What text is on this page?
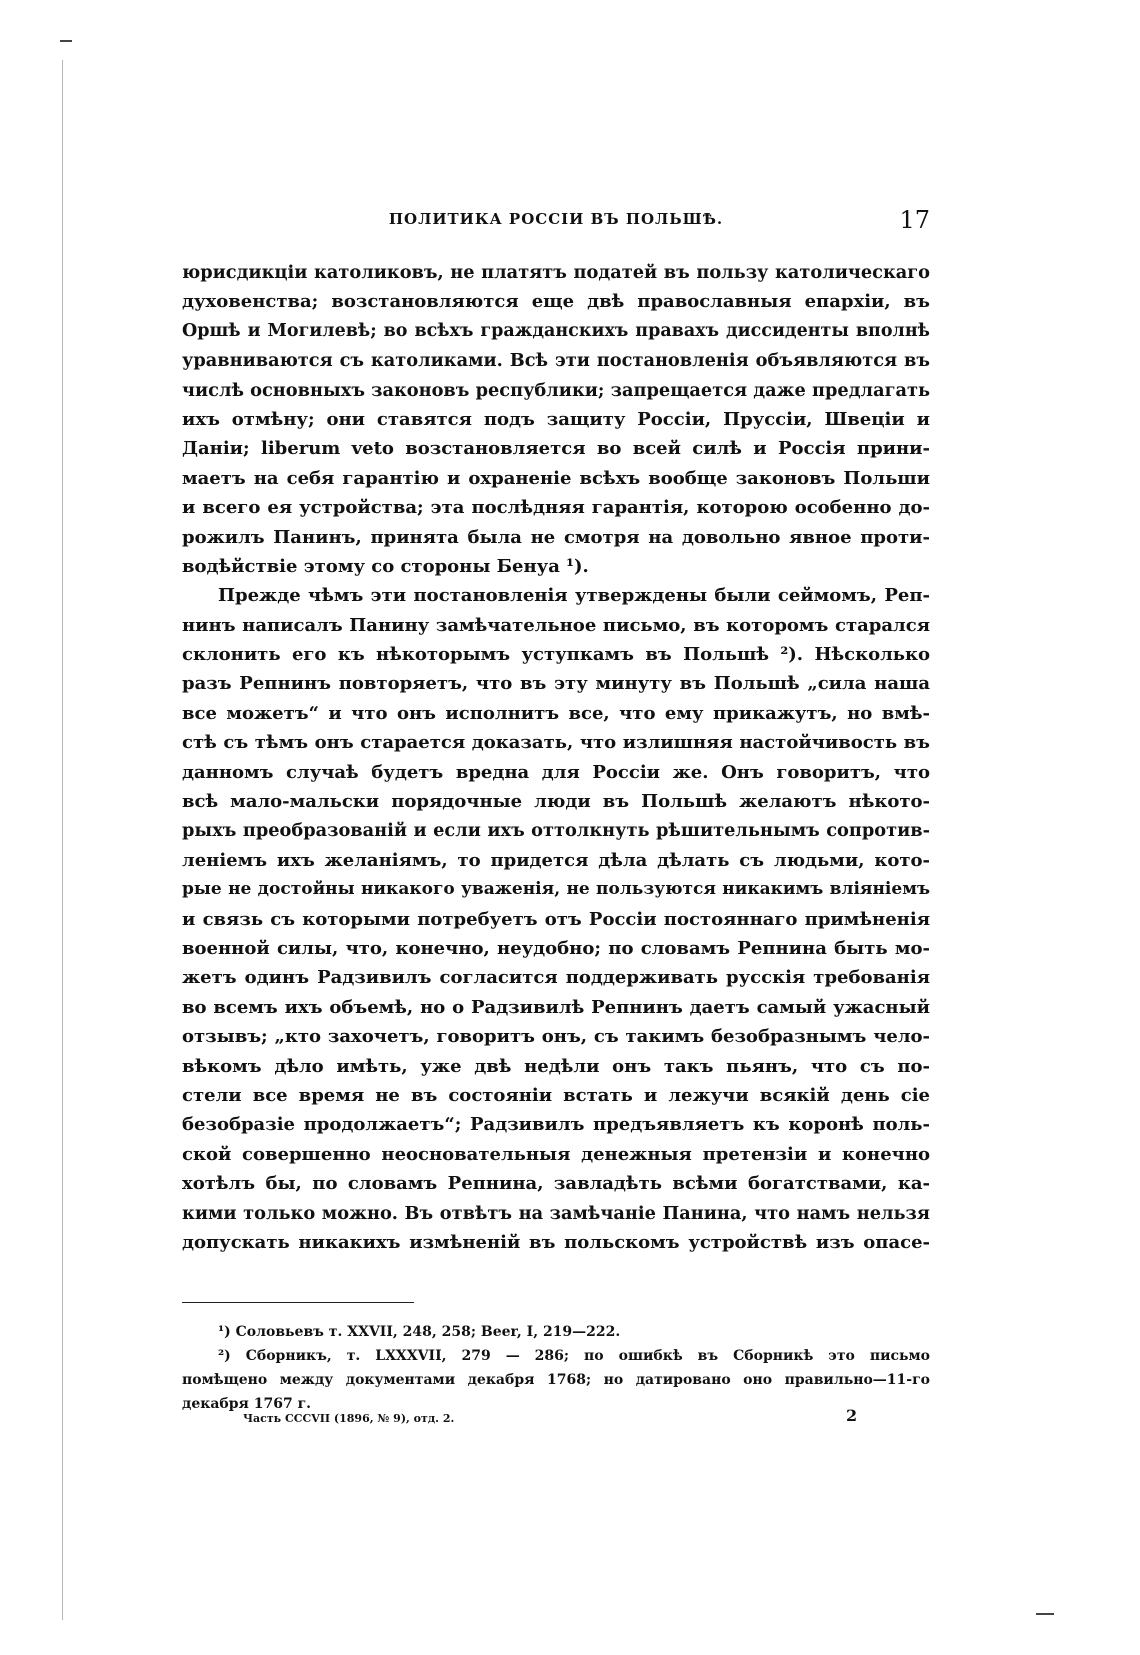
ПОЛИТИКА РОССІИ ВЪ ПОЛЬШѢ.	17
юрисдикціи католиковъ, не платятъ податей въ пользу католическаго
духовенства; возстановляются еще двѣ православныя епархіи, въ
Оршѣ и Могилевѣ; во всѣхъ гражданскихъ правахъ диссиденты вполнѣ
уравниваются съ католиками. Всѣ эти постановленія объявляются въ
числѣ основныхъ законовъ республики; запрещается даже предлагать
ихъ отмѣну; они ставятся подъ защиту Россіи, Пруссіи, Швеціи и
Даніи; liberum veto возстановляется во всей силѣ и Россія прини-
маетъ на себя гарантію и охраненіе всѣхъ вообще законовъ Польши
и всего ея устройства; эта послѣдняя гарантія, которою особенно до-
рожилъ Панинъ, принята была не смотря на довольно явное проти-
водѣйствіе этому со стороны Бенуа ¹).
Прежде чѣмъ эти постановленія утверждены были сеймомъ, Реп-
нинъ написалъ Панину замѣчательное письмо, въ которомъ старался
склонить его къ нѣкоторымъ уступкамъ въ Польшѣ ²). Нѣсколько
разъ Репнинъ повторяетъ, что въ эту минуту въ Польшѣ „сила наша
все можетъ“ и что онъ исполнитъ все, что ему прикажутъ, но вмѣ-
стѣ съ тѣмъ онъ старается доказать, что излишняя настойчивость въ
данномъ случаѣ будетъ вредна для Россіи же. Онъ говоритъ, что
всѣ мало-мальски порядочные люди въ Польшѣ желаютъ нѣкото-
рыхъ преобразованій и если ихъ оттолкнуть рѣшительнымъ сопротив-
леніемъ ихъ желаніямъ, то придется дѣла дѣлать съ людьми, кото-
рые не достойны никакого уваженія, не пользуются никакимъ вліяніемъ
и связь съ которыми потребуетъ отъ Россіи постояннаго примѣненія
военной силы, что, конечно, неудобно; по словамъ Репнина быть мо-
жетъ одинъ Радзивилъ согласится поддерживать русскія требованія
во всемъ ихъ объемѣ, но о Радзивилѣ Репнинъ даетъ самый ужасный
отзывъ; „кто захочетъ, говоритъ онъ, съ такимъ безобразнымъ чело-
вѣкомъ дѣло имѣть, уже двѣ недѣли онъ такъ пьянъ, что съ по-
стели все время не въ состояніи встать и лежучи всякій день сіе
безобразіе продолжаетъ“; Радзивилъ предъявляетъ къ коронѣ поль-
ской совершенно неосновательныя денежныя претензіи и конечно
хотѣлъ бы, по словамъ Репнина, завладѣть всѣми богатствами, ка-
кими только можно. Въ отвѣтъ на замѣчаніе Панина, что намъ нельзя
допускать никакихъ измѣненій въ польскомъ устройствѣ изъ опасе-
¹) Соловьевъ т. XXVII, 248, 258; Beer, I, 219—222.
²) Сборникъ, т. LXXXVII, 279 — 286; по ошибкѣ въ Сборникѣ это письмо
помѣщено между документами декабря 1768; но датировано оно правильно—11-го
декабря 1767 г.
Часть CCCVII (1896, № 9), отд. 2.	2
